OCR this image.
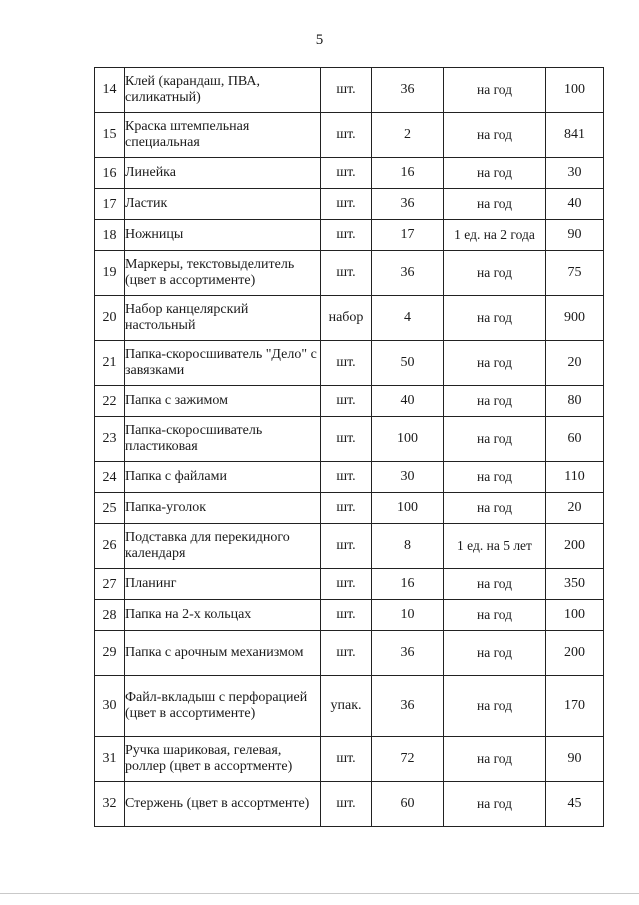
5
14	Клей (карандаш, ПВА, силикатный)	шт.	36	на год	100
15	Краска штемпельная специальная	шт.	2	на год	841
16	Линейка	шт.	16	на год	30
17	Ластик	шт.	36	на год	40
18	Ножницы	шт.	17	1 ед. на 2 года	90
19	Маркеры, текстовыделитель (цвет в ассортименте)	шт.	36	на год	75
20	Набор канцелярский настольный	набор	4	на год	900
21	Папка-скоросшиватель "Дело" с завязками	шт.	50	на год	20
22	Папка с зажимом	шт.	40	на год	80
23	Папка-скоросшиватель пластиковая	шт.	100	на год	60
24	Папка с файлами	шт.	30	на год	110
25	Папка-уголок	шт.	100	на год	20
26	Подставка для перекидного календаря	шт.	8	1 ед. на 5 лет	200
27	Планинг	шт.	16	на год	350
28	Папка на 2-х кольцах	шт.	10	на год	100
29	Папка с арочным механизмом	шт.	36	на год	200
30	Файл-вкладыш с перфорацией (цвет в ассортименте)	упак.	36	на год	170
31	Ручка шариковая, гелевая, роллер (цвет в ассортменте)	шт.	72	на год	90
32	Стержень (цвет в ассортменте)	шт.	60	на год	45
